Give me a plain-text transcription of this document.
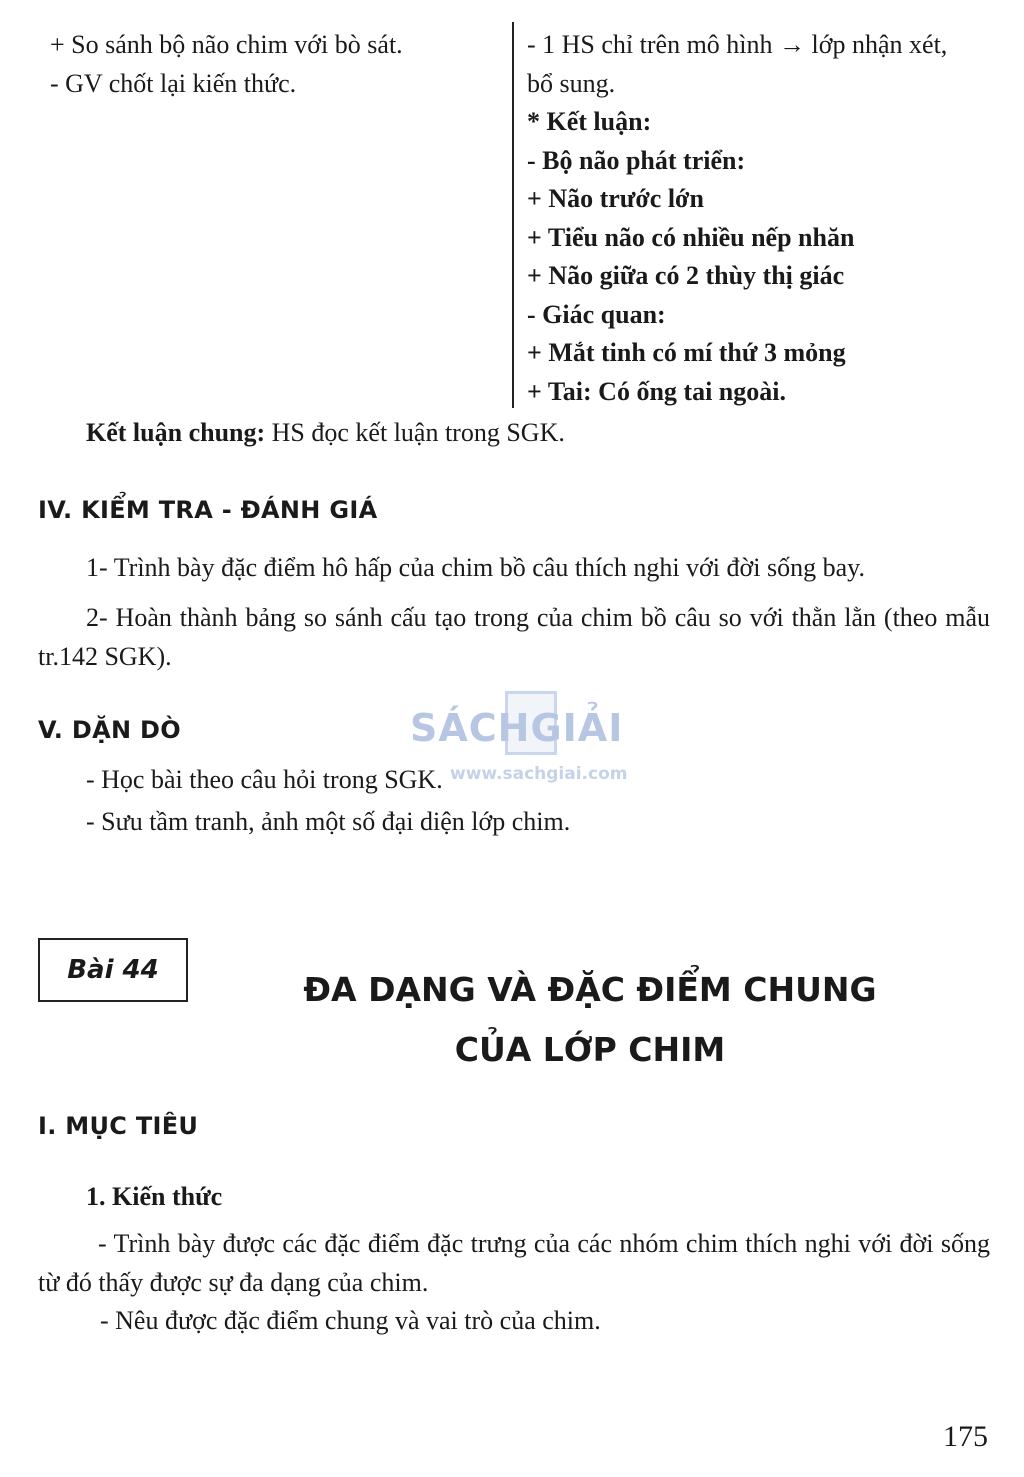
+ So sánh bộ não chim với bò sát.
- GV chốt lại kiến thức.
- 1 HS chỉ trên mô hình → lớp nhận xét,
bổ sung.
* Kết luận:
- Bộ não phát triển:
+ Não trước lớn
+ Tiểu não có nhiều nếp nhăn
+ Não giữa có 2 thùy thị giác
- Giác quan:
+ Mắt tinh có mí thứ 3 mỏng
+ Tai: Có ống tai ngoài.
Kết luận chung: HS đọc kết luận trong SGK.
IV. KIỂM TRA - ĐÁNH GIÁ
1- Trình bày đặc điểm hô hấp của chim bồ câu thích nghi với đời sống bay.
2- Hoàn thành bảng so sánh cấu tạo trong của chim bồ câu so với thằn lằn (theo mẫu tr.142 SGK).
V. DẶN DÒ
- Học bài theo câu hỏi trong SGK.
- Sưu tầm tranh, ảnh một số đại diện lớp chim.
SÁCHGIẢI
www.sachgiai.com
Bài 44	ĐA DẠNG VÀ ĐẶC ĐIỂM CHUNG
CỦA LỚP CHIM
I. MỤC TIÊU
1. Kiến thức
- Trình bày được các đặc điểm đặc trưng của các nhóm chim thích nghi với đời sống từ đó thấy được sự đa dạng của chim.
- Nêu được đặc điểm chung và vai trò của chim.
175
